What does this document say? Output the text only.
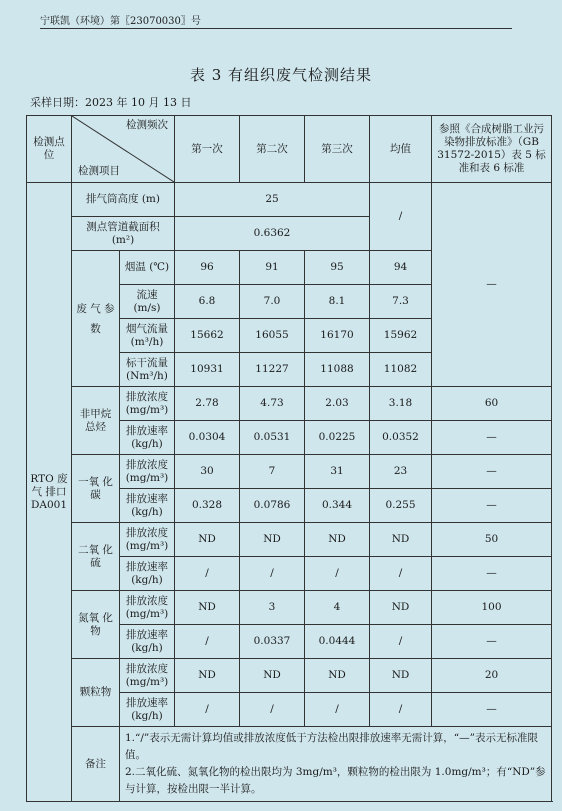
宁联凯（环境）第〖23070030〗号
表 3 有组织废气检测结果
采样日期：2023 年 10 月 13 日
检测点位	检测频次
检测项目		第一次	第二次	第三次	均值	参照《合成树脂工业污染物排放标准》（GB 31572-2015）表 5 标准和表 6 标准
RTO 废气 排口 DA001	排气筒高度 (m)		25			/	—
	测点管道截面积 (m²)		0.6362				
	废 气 参 数	烟温 (℃)	96	91	95	94	
		流速 (m/s)	6.8	7.0	8.1	7.3	
		烟气流量 (m³/h)	15662	16055	16170	15962	
		标干流量 (Nm³/h)	10931	11227	11088	11082	
	非甲烷 总烃	排放浓度 (mg/m³)	2.78	4.73	2.03	3.18	60
		排放速率 (kg/h)	0.0304	0.0531	0.0225	0.0352	—
	一氧 化碳	排放浓度 (mg/m³)	30	7	31	23	—
		排放速率 (kg/h)	0.328	0.0786	0.344	0.255	—
	二氧 化硫	排放浓度 (mg/m³)	ND	ND	ND	ND	50
		排放速率 (kg/h)	/	/	/	/	—
	氮氧 化物	排放浓度 (mg/m³)	ND	3	4	ND	100
		排放速率 (kg/h)	/	0.0337	0.0444	/	—
	颗粒物	排放浓度 (mg/m³)	ND	ND	ND	ND	20
		排放速率 (kg/h)	/	/	/	/	—
	备注	1.“/”表示无需计算均值或排放浓度低于方法检出限排放速率无需计算，“—”表示无标准限值。
2.二氧化硫、氮氧化物的检出限均为 3mg/m³，颗粒物的检出限为 1.0mg/m³；有“ND”参与计算，按检出限一半计算。					
